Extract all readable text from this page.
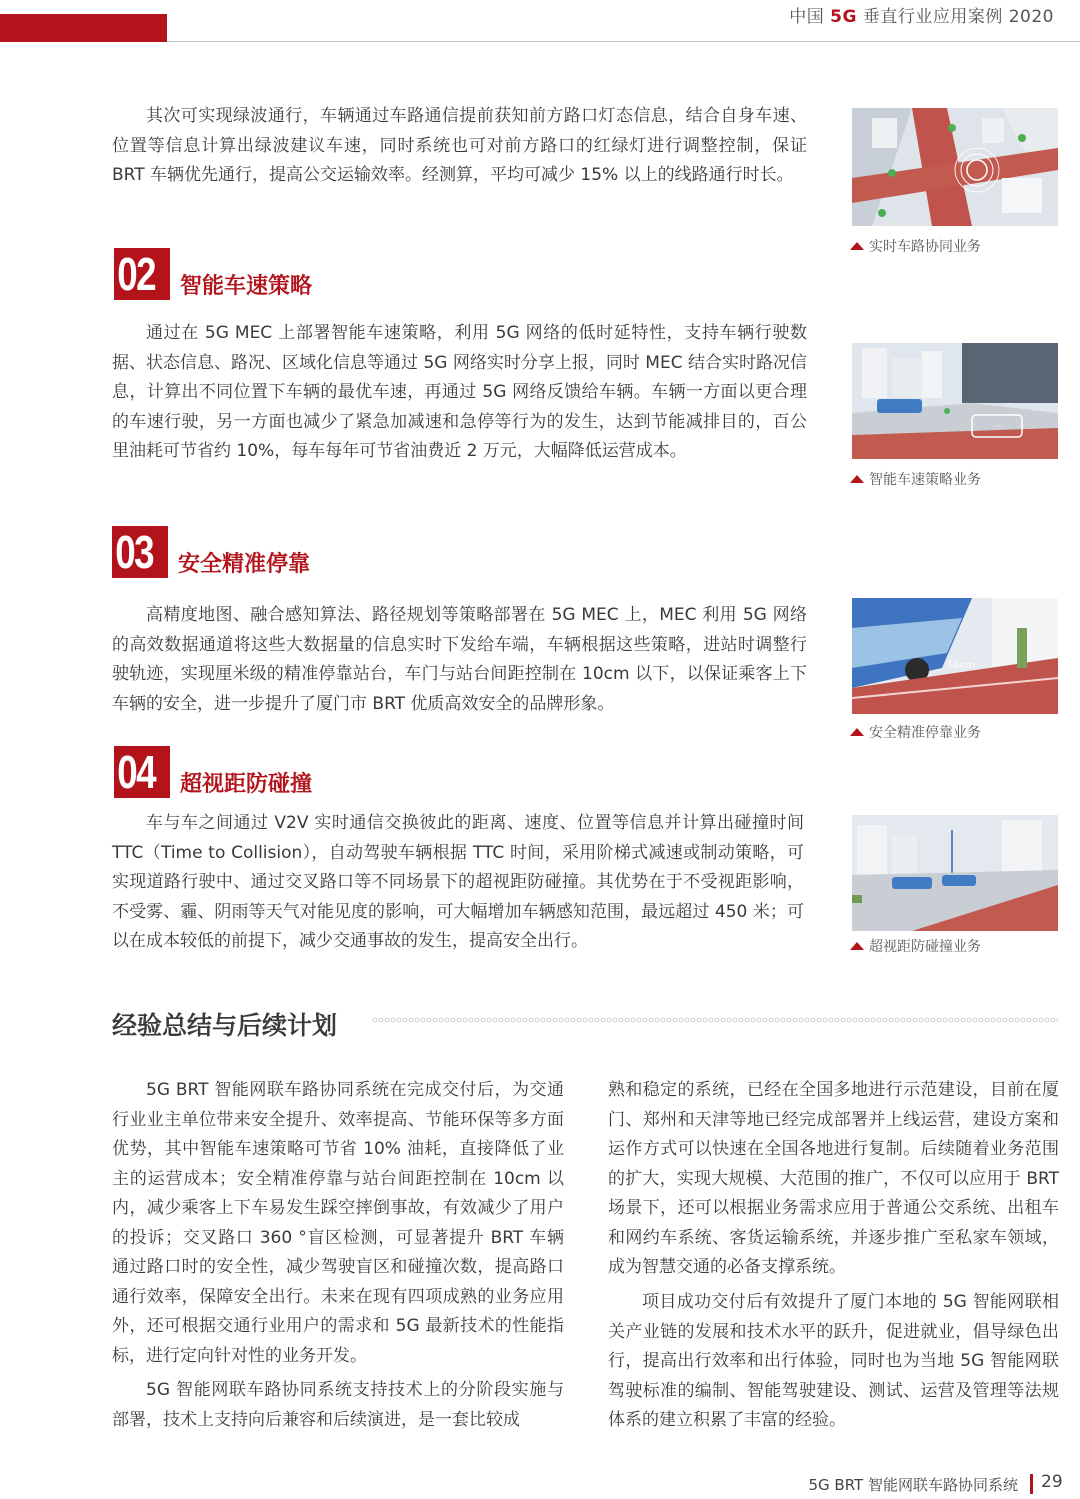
中国 5G 垂直行业应用案例 2020

其次可实现绿波通行，车辆通过车路通信提前获知前方路口灯态信息，结合自身车速、位置等信息计算出绿波建议车速，同时系统也可对前方路口的红绿灯进行调整控制，保证 BRT 车辆优先通行，提高公交运输效率。经测算，平均可减少 15% 以上的线路通行时长。

02	智能车速策略

通过在 5G MEC 上部署智能车速策略，利用 5G 网络的低时延特性，支持车辆行驶数据、状态信息、路况、区域化信息等通过 5G 网络实时分享上报，同时 MEC 结合实时路况信息，计算出不同位置下车辆的最优车速，再通过 5G 网络反馈给车辆。车辆一方面以更合理的车速行驶，另一方面也减少了紧急加减速和急停等行为的发生，达到节能减排目的，百公里油耗可节省约 10%，每车每年可节省油费近 2 万元，大幅降低运营成本。

03	安全精准停靠

高精度地图、融合感知算法、路径规划等策略部署在 5G MEC 上，MEC 利用 5G 网络的高效数据通道将这些大数据量的信息实时下发给车端，车辆根据这些策略，进站时调整行驶轨迹，实现厘米级的精准停靠站台，车门与站台间距控制在 10cm 以下，以保证乘客上下车辆的安全，进一步提升了厦门市 BRT 优质高效安全的品牌形象。

04	超视距防碰撞

车与车之间通过 V2V 实时通信交换彼此的距离、速度、位置等信息并计算出碰撞时间 TTC（Time to Collision），自动驾驶车辆根据 TTC 时间，采用阶梯式减速或制动策略，可实现道路行驶中、通过交叉路口等不同场景下的超视距防碰撞。其优势在于不受视距影响，不受雾、霾、阴雨等天气对能见度的影响，可大幅增加车辆感知范围，最远超过 450 米；可以在成本较低的前提下，减少交通事故的发生，提高安全出行。

实时车路协同业务
···
智能车速策略业务
10cm
安全精准停靠业务
超视距防碰撞业务
经验总结与后续计划

5G BRT 智能网联车路协同系统在完成交付后，为交通行业业主单位带来安全提升、效率提高、节能环保等多方面优势，其中智能车速策略可节省 10% 油耗，直接降低了业主的运营成本；安全精准停靠与站台间距控制在 10cm 以内，减少乘客上下车易发生踩空摔倒事故，有效减少了用户的投诉；交叉路口 360 °盲区检测，可显著提升 BRT 车辆通过路口时的安全性，减少驾驶盲区和碰撞次数，提高路口通行效率，保障安全出行。未来在现有四项成熟的业务应用外，还可根据交通行业用户的需求和 5G 最新技术的性能指标，进行定向针对性的业务开发。

5G 智能网联车路协同系统支持技术上的分阶段实施与部署，技术上支持向后兼容和后续演进，是一套比较成

熟和稳定的系统，已经在全国多地进行示范建设，目前在厦门、郑州和天津等地已经完成部署并上线运营，建设方案和运作方式可以快速在全国各地进行复制。后续随着业务范围的扩大，实现大规模、大范围的推广，不仅可以应用于 BRT 场景下，还可以根据业务需求应用于普通公交系统、出租车和网约车系统、客货运输系统，并逐步推广至私家车领域，成为智慧交通的必备支撑系统。

项目成功交付后有效提升了厦门本地的 5G 智能网联相关产业链的发展和技术水平的跃升，促进就业，倡导绿色出行，提高出行效率和出行体验，同时也为当地 5G 智能网联驾驶标准的编制、智能驾驶建设、测试、运营及管理等法规体系的建立积累了丰富的经验。

5G BRT 智能网联车路协同系统 29
